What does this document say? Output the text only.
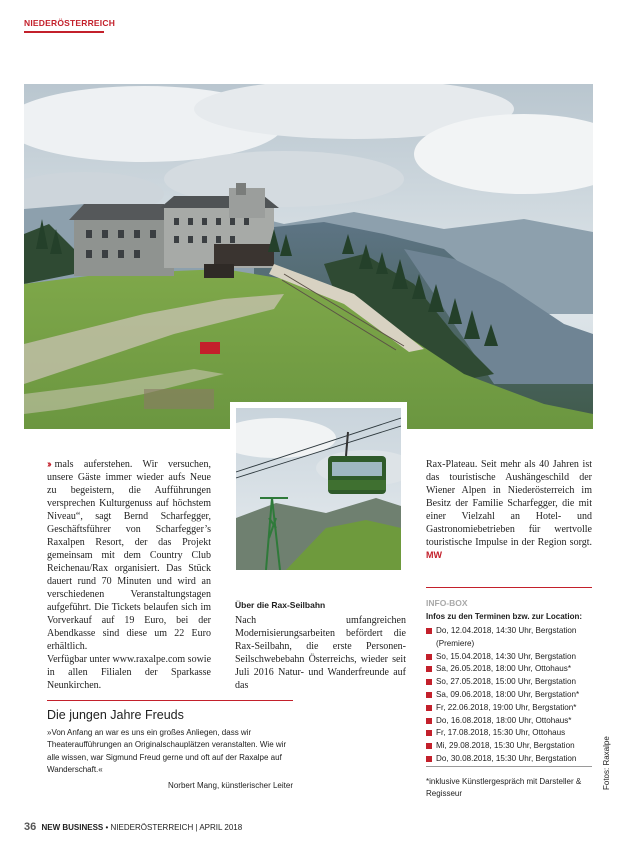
NIEDERÖSTERREICH
›› mals auferstehen. Wir versuchen, unsere Gäste immer wieder aufs Neue zu begeistern, die Aufführungen versprechen Kulturgenuss auf höchstem Niveau“, sagt Bernd Scharfegger, Geschäftsführer von Scharfegger’s Raxalpen Resort, der das Projekt gemeinsam mit dem Country Club Reichenau/Rax organisiert. Das Stück dauert rund 70 Minuten und wird an verschiedenen Veranstaltungstagen aufgeführt. Die Tickets belaufen sich im Vorverkauf auf 19 Euro, bei der Abendkasse sind diese um 22 Euro erhältlich.
Verfügbar unter www.raxalpe.com sowie in allen Filialen der Sparkasse Neunkirchen.
Über die Rax-Seilbahn
Nach umfangreichen Modernisierungsarbeiten befördert die Rax-Seilbahn, die erste Personen-Seilschwebebahn Österreichs, wieder seit Juli 2016 Natur- und Wanderfreunde auf das
Rax-Plateau. Seit mehr als 40 Jahren ist das touristische Aushängeschild der Wiener Alpen in Niederösterreich im Besitz der Familie Scharfegger, die mit einer Vielzahl an Hotel- und Gastronomiebetrieben für wertvolle touristische Impulse in der Region sorgt. MW
INFO-BOX
Infos zu den Terminen bzw. zur Location:
Do, 12.04.2018, 14:30 Uhr, Bergstation
(Premiere)
So, 15.04.2018, 14:30 Uhr, Bergstation
Sa, 26.05.2018, 18:00 Uhr, Ottohaus*
So, 27.05.2018, 15:00 Uhr, Bergstation
Sa, 09.06.2018, 18:00 Uhr, Bergstation*
Fr, 22.06.2018, 19:00 Uhr, Bergstation*
Do, 16.08.2018, 18:00 Uhr, Ottohaus*
Fr, 17.08.2018, 15:30 Uhr, Ottohaus
Mi, 29.08.2018, 15:30 Uhr, Bergstation
Do, 30.08.2018, 15:30 Uhr, Bergstation
*inklusive Künstlergespräch mit Darsteller & Regisseur
Die jungen Jahre Freuds
»Von Anfang an war es uns ein großes Anliegen, dass wir Theateraufführungen an Originalschauplätzen veranstalten. Wie wir alle wissen, war Sigmund Freud gerne und oft auf der Raxalpe auf Wanderschaft.«
Norbert Mang, künstlerischer Leiter	Fotos: Raxalpe
36 NEW BUSINESS • NIEDERÖSTERREICH | APRIL 2018
